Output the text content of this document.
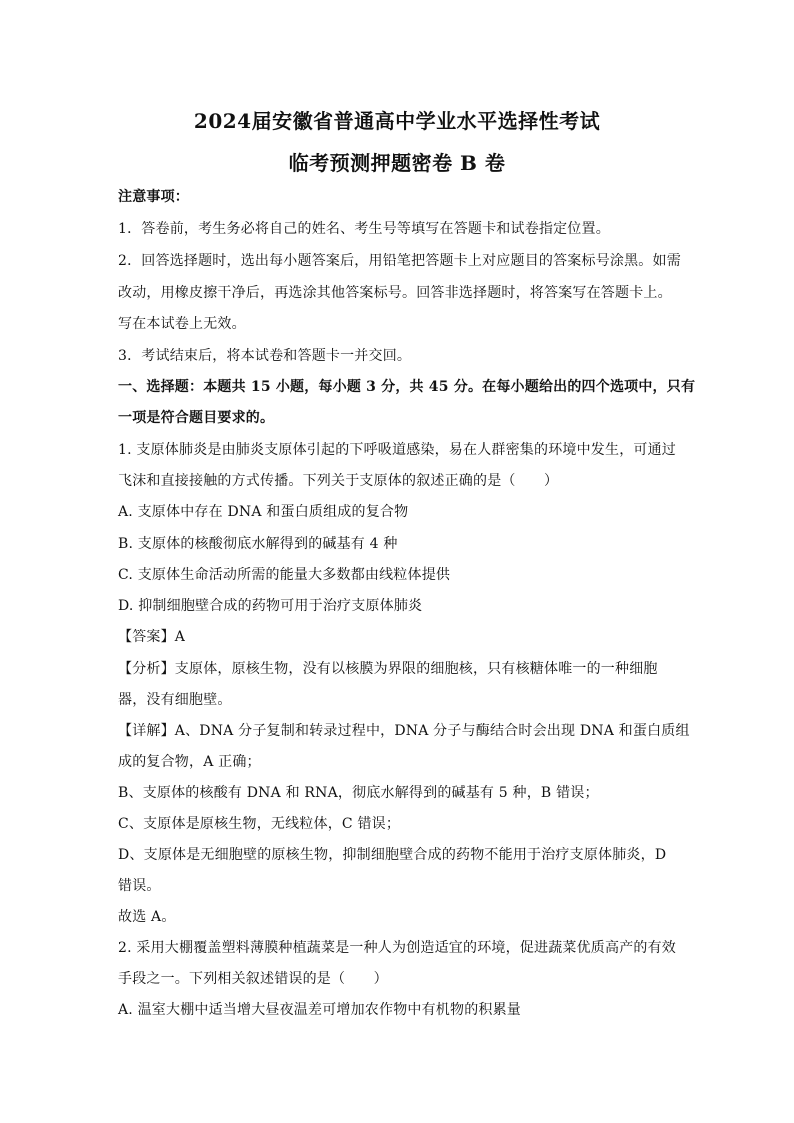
2024届安徽省普通高中学业水平选择性考试
临考预测押题密卷 B 卷
注意事项：
1．答卷前，考生务必将自己的姓名、考生号等填写在答题卡和试卷指定位置。
2．回答选择题时，选出每小题答案后，用铅笔把答题卡上对应题目的答案标号涂黑。如需
改动，用橡皮擦干净后，再选涂其他答案标号。回答非选择题时，将答案写在答题卡上。
写在本试卷上无效。
3．考试结束后，将本试卷和答题卡一并交回。
一、选择题：本题共 15 小题，每小题 3 分，共 45 分。在每小题给出的四个选项中，只有
一项是符合题目要求的。
1. 支原体肺炎是由肺炎支原体引起的下呼吸道感染，易在人群密集的环境中发生，可通过
飞沫和直接接触的方式传播。下列关于支原体的叙述正确的是（　　）
A. 支原体中存在 DNA 和蛋白质组成的复合物
B. 支原体的核酸彻底水解得到的碱基有 4 种
C. 支原体生命活动所需的能量大多数都由线粒体提供
D. 抑制细胞壁合成的药物可用于治疗支原体肺炎
【答案】A
【分析】支原体，原核生物，没有以核膜为界限的细胞核，只有核糖体唯一的一种细胞
器，没有细胞壁。
【详解】A、DNA 分子复制和转录过程中，DNA 分子与酶结合时会出现 DNA 和蛋白质组
成的复合物，A 正确；
B、支原体的核酸有 DNA 和 RNA，彻底水解得到的碱基有 5 种，B 错误；
C、支原体是原核生物，无线粒体，C 错误；
D、支原体是无细胞壁的原核生物，抑制细胞壁合成的药物不能用于治疗支原体肺炎，D
错误。
故选 A。
2. 采用大棚覆盖塑料薄膜种植蔬菜是一种人为创造适宜的环境，促进蔬菜优质高产的有效
手段之一。下列相关叙述错误的是（　　）
A. 温室大棚中适当增大昼夜温差可增加农作物中有机物的积累量
